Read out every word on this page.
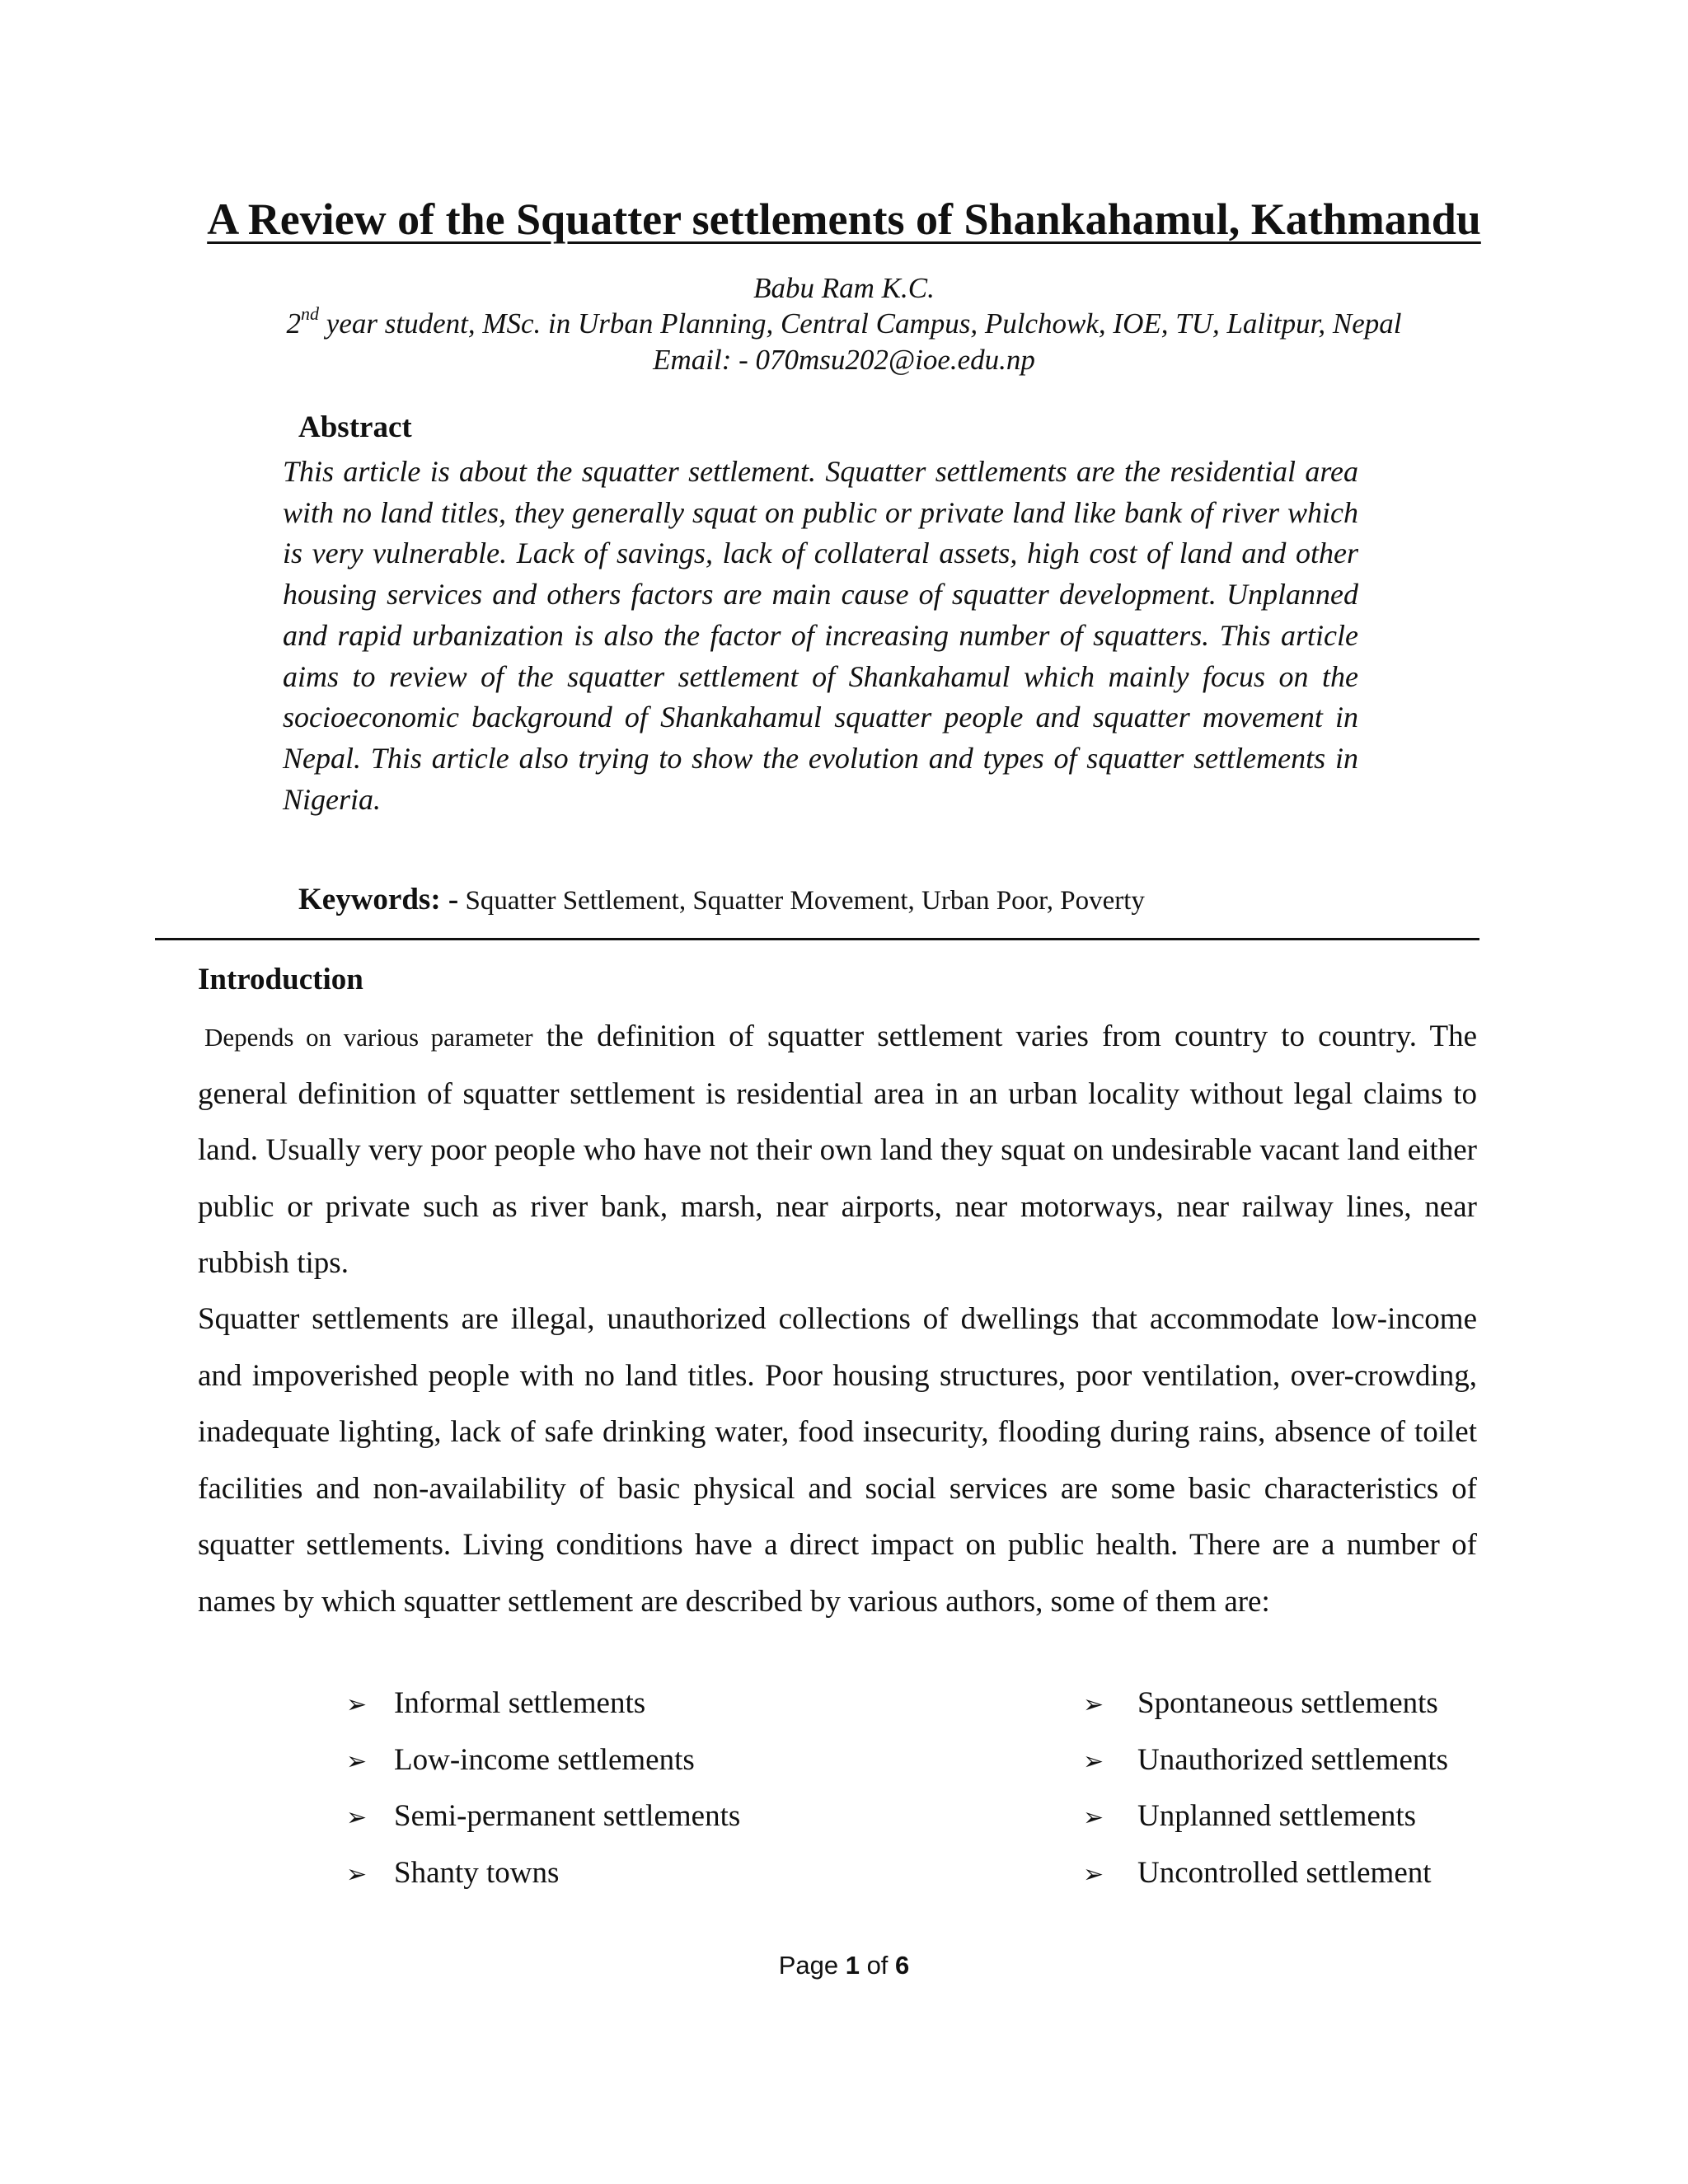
A Review of the Squatter settlements of Shankahamul, Kathmandu
Babu Ram K.C.
2nd year student, MSc. in Urban Planning, Central Campus, Pulchowk, IOE, TU, Lalitpur, Nepal
Email: - 070msu202@ioe.edu.np
Abstract
This article is about the squatter settlement. Squatter settlements are the residential area with no land titles, they generally squat on public or private land like bank of river which is very vulnerable. Lack of savings, lack of collateral assets, high cost of land and other housing services and others factors are main cause of squatter development. Unplanned and rapid urbanization is also the factor of increasing number of squatters. This article aims to review of the squatter settlement of Shankahamul which mainly focus on the socioeconomic background of Shankahamul squatter people and squatter movement in Nepal. This article also trying to show the evolution and types of squatter settlements in Nigeria.
Keywords: - Squatter Settlement, Squatter Movement, Urban Poor, Poverty
Introduction
Depends on various parameter the definition of squatter settlement varies from country to country. The general definition of squatter settlement is residential area in an urban locality without legal claims to land. Usually very poor people who have not their own land they squat on undesirable vacant land either public or private such as river bank, marsh, near airports, near motorways, near railway lines, near rubbish tips.
Squatter settlements are illegal, unauthorized collections of dwellings that accommodate low-income and impoverished people with no land titles. Poor housing structures, poor ventilation, over-crowding, inadequate lighting, lack of safe drinking water, food insecurity, flooding during rains, absence of toilet facilities and non-availability of basic physical and social services are some basic characteristics of squatter settlements. Living conditions have a direct impact on public health. There are a number of names by which squatter settlement are described by various authors, some of them are:
➢ Informal settlements
➢ Low-income settlements
➢ Semi-permanent settlements
➢ Shanty towns
➢ Spontaneous settlements
➢ Unauthorized settlements
➢ Unplanned settlements
➢ Uncontrolled settlement
Page 1 of 6
